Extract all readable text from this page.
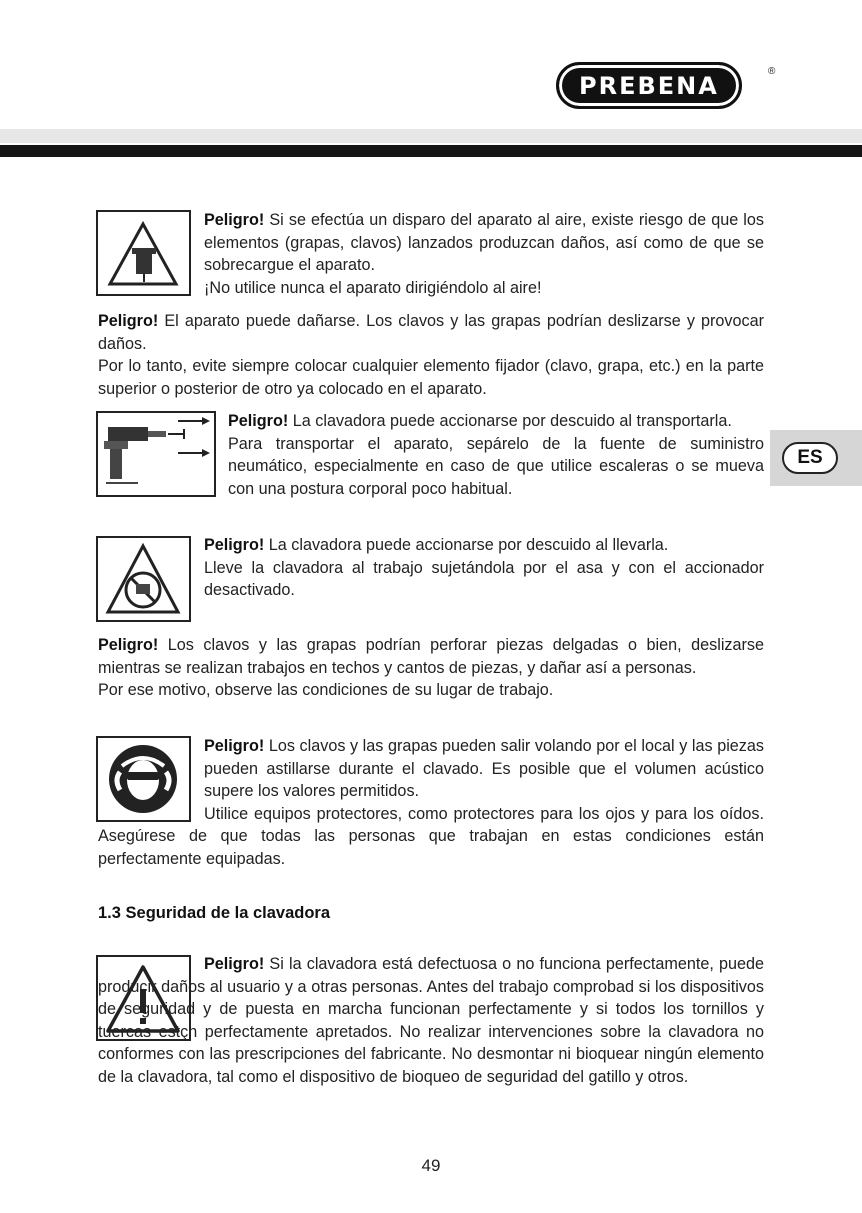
PREBENA
®
ES

Peligro! Si se efectúa un disparo del aparato al aire, existe riesgo de que los elementos (grapas, clavos) lanzados produzcan daños, así como de que se sobrecargue el aparato.
¡No utilice nunca el aparato dirigiéndolo al aire!

Peligro! El aparato puede dañarse. Los clavos y las grapas podrían deslizarse y provocar daños.
Por lo tanto, evite siempre colocar cualquier elemento fijador (clavo, grapa, etc.) en la parte superior o posterior de otro ya colocado en el aparato.

Peligro! La clavadora puede accionarse por descuido al transportarla.
Para transportar el aparato, sepárelo de la fuente de suministro neumático, especialmente en caso de que utilice escaleras o se mueva con una postura corporal poco habitual.

Peligro! La clavadora puede accionarse por descuido al llevarla.
Lleve la clavadora al trabajo sujetándola por el asa y con el accionador desactivado.

Peligro! Los clavos y las grapas podrían perforar piezas delgadas o bien, deslizarse mientras se realizan trabajos en techos y cantos de piezas, y dañar así a personas.
Por ese motivo, observe las condiciones de su lugar de trabajo.

Peligro! Los clavos y las grapas pueden salir volando por el local y las piezas pueden astillarse durante el clavado. Es posible que el volumen acústico supere los valores permitidos.
Utilice equipos protectores, como protectores para los ojos y para los oídos. Asegúrese de que todas las personas que trabajan en estas condiciones están perfectamente equipadas.

1.3 Seguridad de la clavadora

Peligro! Si la clavadora está defectuosa o no funciona perfectamente, puede producir daños al usuario y a otras personas. Antes del trabajo comprobad si los dispositivos de seguridad y de puesta en marcha funcionan perfectamente y si todos los tornillos y tuercas estçn perfectamente apretados. No realizar intervenciones sobre la clavadora no conformes con las prescripciones del fabricante. No desmontar ni bioquear ningún elemento de la clavadora, tal como el dispositivo de bioqueo de seguridad del gatillo y otros.

49
